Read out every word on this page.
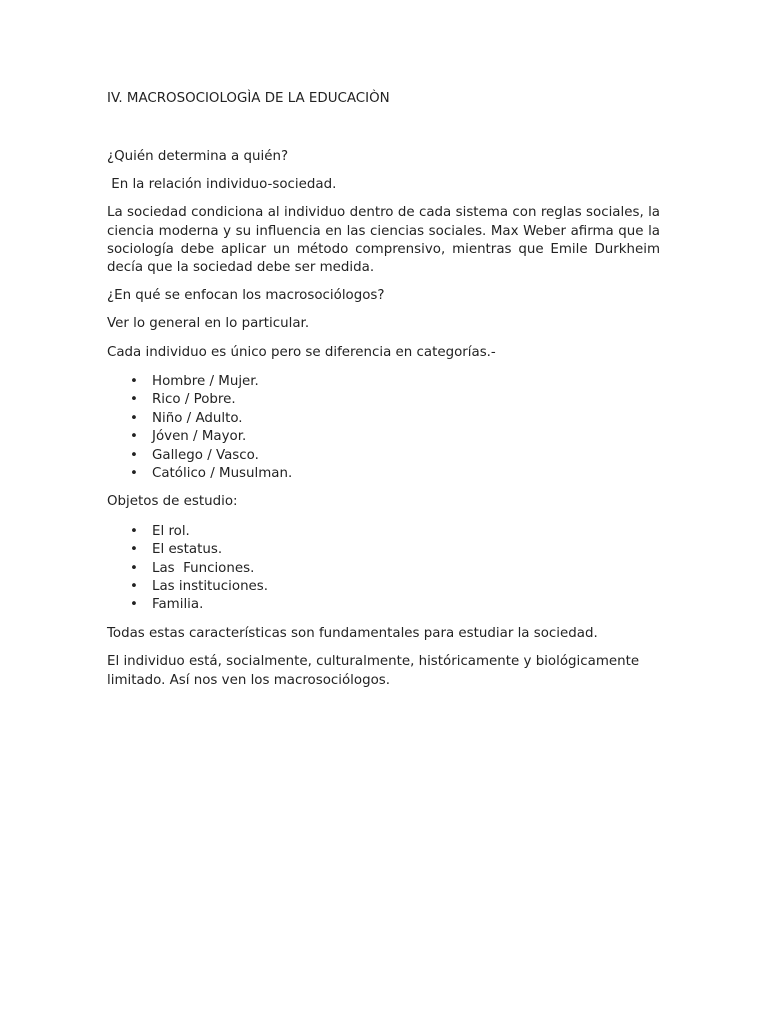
IV. MACROSOCIOLOGÌA DE LA EDUCACIÒN

¿Quién determina a quién?

En la relación individuo-sociedad.

La sociedad condiciona al individuo dentro de cada sistema con reglas sociales, la ciencia moderna y su influencia en las ciencias sociales. Max Weber afirma que la sociología debe aplicar un método comprensivo, mientras que Emile Durkheim decía que la sociedad debe ser medida.

¿En qué se enfocan los macrosociólogos?

Ver lo general en lo particular.

Cada individuo es único pero se diferencia en categorías.-

• Hombre / Mujer.
• Rico / Pobre.
• Niño / Adulto.
• Jóven / Mayor.
• Gallego / Vasco.
• Católico / Musulman.

Objetos de estudio:

• El rol.
• El estatus.
• Las  Funciones.
• Las instituciones.
• Familia.

Todas estas características son fundamentales para estudiar la sociedad.

El individuo está, socialmente, culturalmente, históricamente y biológicamente limitado. Así nos ven los macrosociólogos.
